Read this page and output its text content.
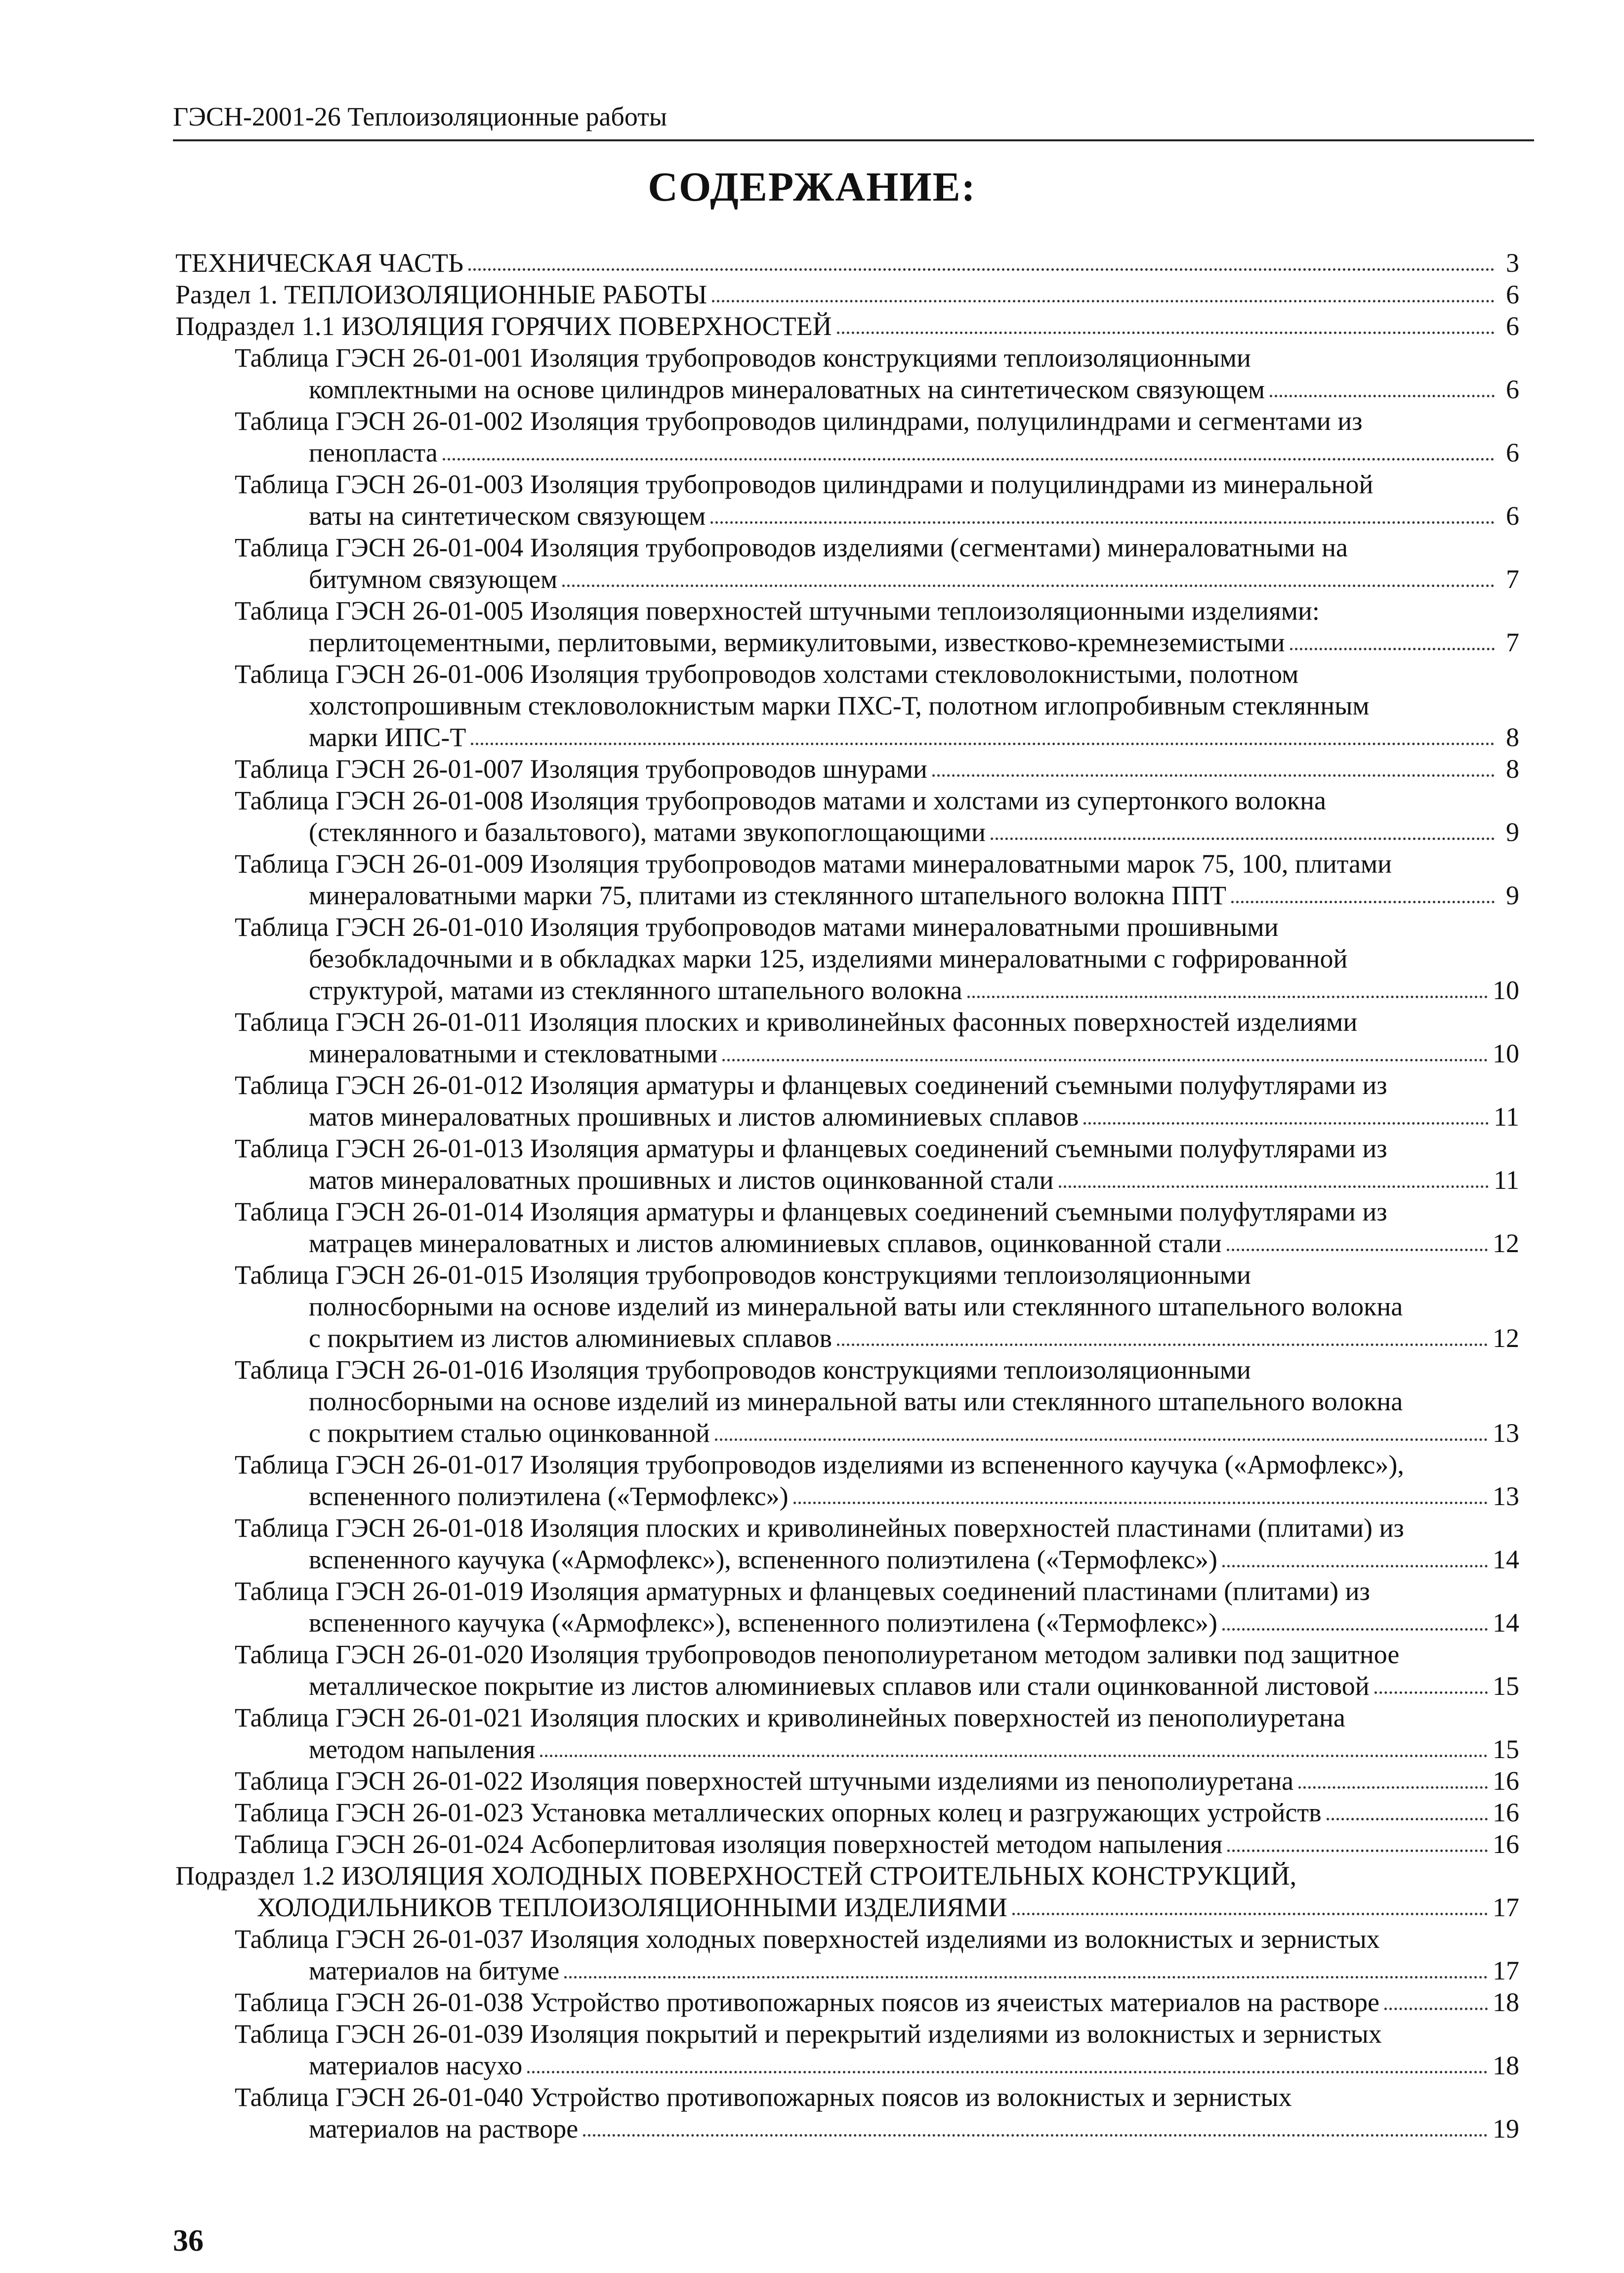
ГЭСН-2001-26 Теплоизоляционные работы
СОДЕРЖАНИЕ:
ТЕХНИЧЕСКАЯ ЧАСТЬ	3
Раздел 1. ТЕПЛОИЗОЛЯЦИОННЫЕ РАБОТЫ	6
Подраздел 1.1 ИЗОЛЯЦИЯ ГОРЯЧИХ ПОВЕРХНОСТЕЙ	6
Таблица ГЭСН 26-01-001 Изоляция трубопроводов конструкциями теплоизоляционными
комплектными на основе цилиндров минераловатных на синтетическом связующем	6
Таблица ГЭСН 26-01-002 Изоляция трубопроводов цилиндрами, полуцилиндрами и сегментами из
пенопласта	6
Таблица ГЭСН 26-01-003 Изоляция трубопроводов цилиндрами и полуцилиндрами из минеральной
ваты на синтетическом связующем	6
Таблица ГЭСН 26-01-004 Изоляция трубопроводов изделиями (сегментами) минераловатными на
битумном связующем	7
Таблица ГЭСН 26-01-005 Изоляция поверхностей штучными теплоизоляционными изделиями:
перлитоцементными, перлитовыми, вермикулитовыми, известково-кремнеземистыми	7
Таблица ГЭСН 26-01-006 Изоляция трубопроводов холстами стекловолокнистыми, полотном
холстопрошивным стекловолокнистым марки ПХС-Т, полотном иглопробивным стеклянным
марки ИПС-Т	8
Таблица ГЭСН 26-01-007 Изоляция трубопроводов шнурами	8
Таблица ГЭСН 26-01-008 Изоляция трубопроводов матами и холстами из супертонкого волокна
(стеклянного и базальтового), матами звукопоглощающими	9
Таблица ГЭСН 26-01-009 Изоляция трубопроводов матами минераловатными марок 75, 100, плитами
минераловатными марки 75, плитами из стеклянного штапельного волокна ППТ	9
Таблица ГЭСН 26-01-010 Изоляция трубопроводов матами минераловатными прошивными
безобкладочными и в обкладках марки 125, изделиями минераловатными с гофрированной
структурой, матами из стеклянного штапельного волокна	10
Таблица ГЭСН 26-01-011 Изоляция плоских и криволинейных фасонных поверхностей изделиями
минераловатными и стекловатными	10
Таблица ГЭСН 26-01-012 Изоляция арматуры и фланцевых соединений съемными полуфутлярами из
матов минераловатных прошивных и листов алюминиевых сплавов	11
Таблица ГЭСН 26-01-013 Изоляция арматуры и фланцевых соединений съемными полуфутлярами из
матов минераловатных прошивных и листов оцинкованной стали	11
Таблица ГЭСН 26-01-014 Изоляция арматуры и фланцевых соединений съемными полуфутлярами из
матрацев минераловатных и листов алюминиевых сплавов, оцинкованной стали	12
Таблица ГЭСН 26-01-015 Изоляция трубопроводов конструкциями теплоизоляционными
полносборными на основе изделий из минеральной ваты или стеклянного штапельного волокна
с покрытием из листов алюминиевых сплавов	12
Таблица ГЭСН 26-01-016 Изоляция трубопроводов конструкциями теплоизоляционными
полносборными на основе изделий из минеральной ваты или стеклянного штапельного волокна
с покрытием сталью оцинкованной	13
Таблица ГЭСН 26-01-017 Изоляция трубопроводов изделиями из вспененного каучука («Армофлекс»),
вспененного полиэтилена («Термофлекс»)	13
Таблица ГЭСН 26-01-018 Изоляция плоских и криволинейных поверхностей пластинами (плитами) из
вспененного каучука («Армофлекс»), вспененного полиэтилена («Термофлекс»)	14
Таблица ГЭСН 26-01-019 Изоляция арматурных и фланцевых соединений пластинами (плитами) из
вспененного каучука («Армофлекс»), вспененного полиэтилена («Термофлекс»)	14
Таблица ГЭСН 26-01-020 Изоляция трубопроводов пенополиуретаном методом заливки под защитное
металлическое покрытие из листов алюминиевых сплавов или стали оцинкованной листовой	15
Таблица ГЭСН 26-01-021 Изоляция плоских и криволинейных поверхностей из пенополиуретана
методом напыления	15
Таблица ГЭСН 26-01-022 Изоляция поверхностей штучными изделиями из пенополиуретана	16
Таблица ГЭСН 26-01-023 Установка металлических опорных колец и разгружающих устройств	16
Таблица ГЭСН 26-01-024 Асбоперлитовая изоляция поверхностей методом напыления	16
Подраздел 1.2 ИЗОЛЯЦИЯ ХОЛОДНЫХ ПОВЕРХНОСТЕЙ СТРОИТЕЛЬНЫХ КОНСТРУКЦИЙ,
ХОЛОДИЛЬНИКОВ ТЕПЛОИЗОЛЯЦИОННЫМИ ИЗДЕЛИЯМИ	17
Таблица ГЭСН 26-01-037 Изоляция холодных поверхностей изделиями из волокнистых и зернистых
материалов на битуме	17
Таблица ГЭСН 26-01-038 Устройство противопожарных поясов из ячеистых материалов на растворе	18
Таблица ГЭСН 26-01-039 Изоляция покрытий и перекрытий изделиями из волокнистых и зернистых
материалов насухо	18
Таблица ГЭСН 26-01-040 Устройство противопожарных поясов из волокнистых и зернистых
материалов на растворе	19
36
